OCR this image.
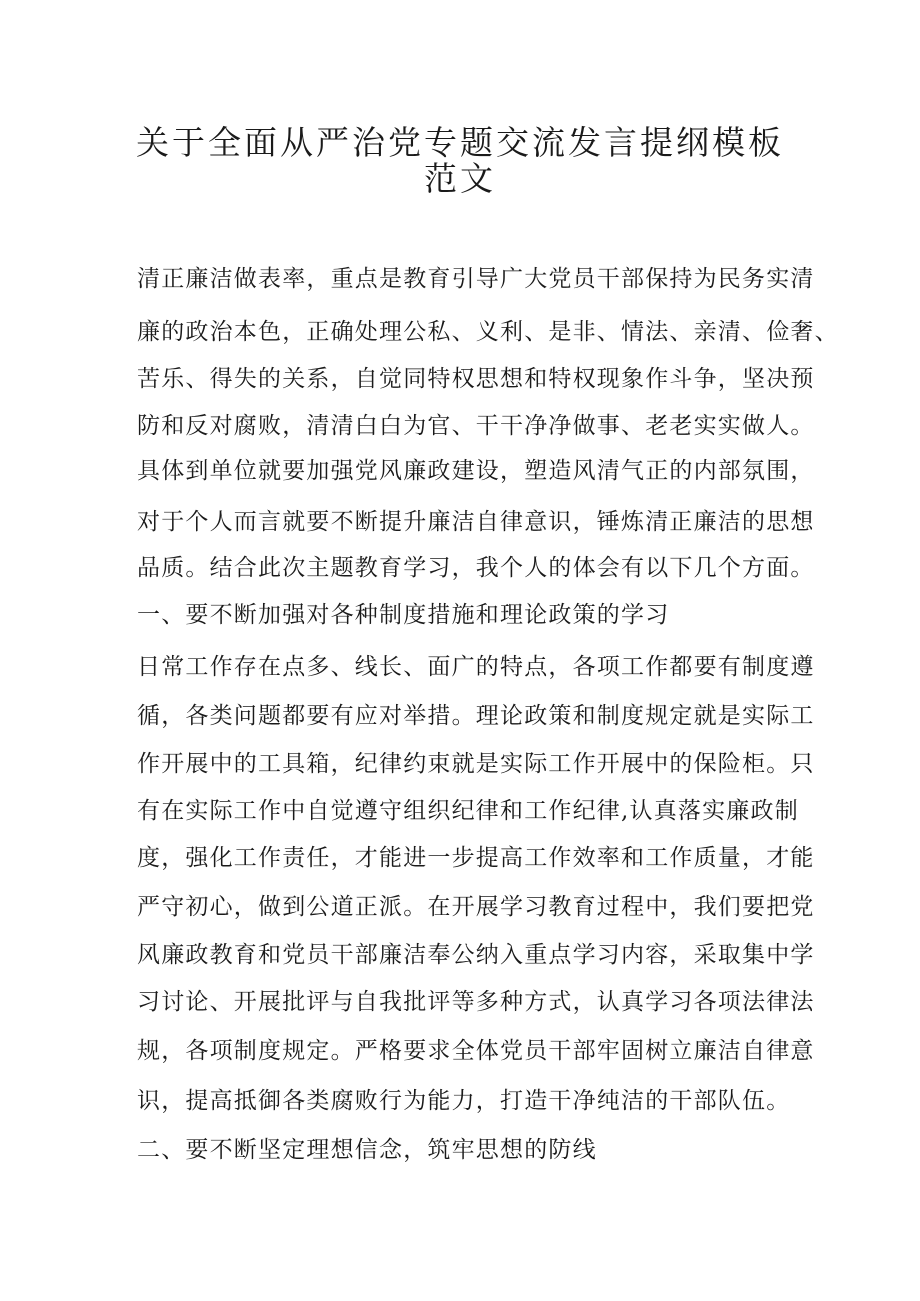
关于全面从严治党专题交流发言提纲模板
范文

清正廉洁做表率，重点是教育引导广大党员干部保持为民务实清

廉的政治本色，正确处理公私、义利、是非、情法、亲清、俭奢、

苦乐、得失的关系，自觉同特权思想和特权现象作斗争，坚决预

防和反对腐败，清清白白为官、干干净净做事、老老实实做人。

具体到单位就要加强党风廉政建设，塑造风清气正的内部氛围，

对于个人而言就要不断提升廉洁自律意识，锤炼清正廉洁的思想

品质。结合此次主题教育学习，我个人的体会有以下几个方面。

一、要不断加强对各种制度措施和理论政策的学习

日常工作存在点多、线长、面广的特点，各项工作都要有制度遵

循，各类问题都要有应对举措。理论政策和制度规定就是实际工

作开展中的工具箱，纪律约束就是实际工作开展中的保险柜。只

有在实际工作中自觉遵守组织纪律和工作纪律,认真落实廉政制

度，强化工作责任，才能进一步提高工作效率和工作质量，才能

严守初心，做到公道正派。在开展学习教育过程中，我们要把党

风廉政教育和党员干部廉洁奉公纳入重点学习内容，采取集中学

习讨论、开展批评与自我批评等多种方式，认真学习各项法律法

规，各项制度规定。严格要求全体党员干部牢固树立廉洁自律意

识，提高抵御各类腐败行为能力，打造干净纯洁的干部队伍。

二、要不断坚定理想信念，筑牢思想的防线
